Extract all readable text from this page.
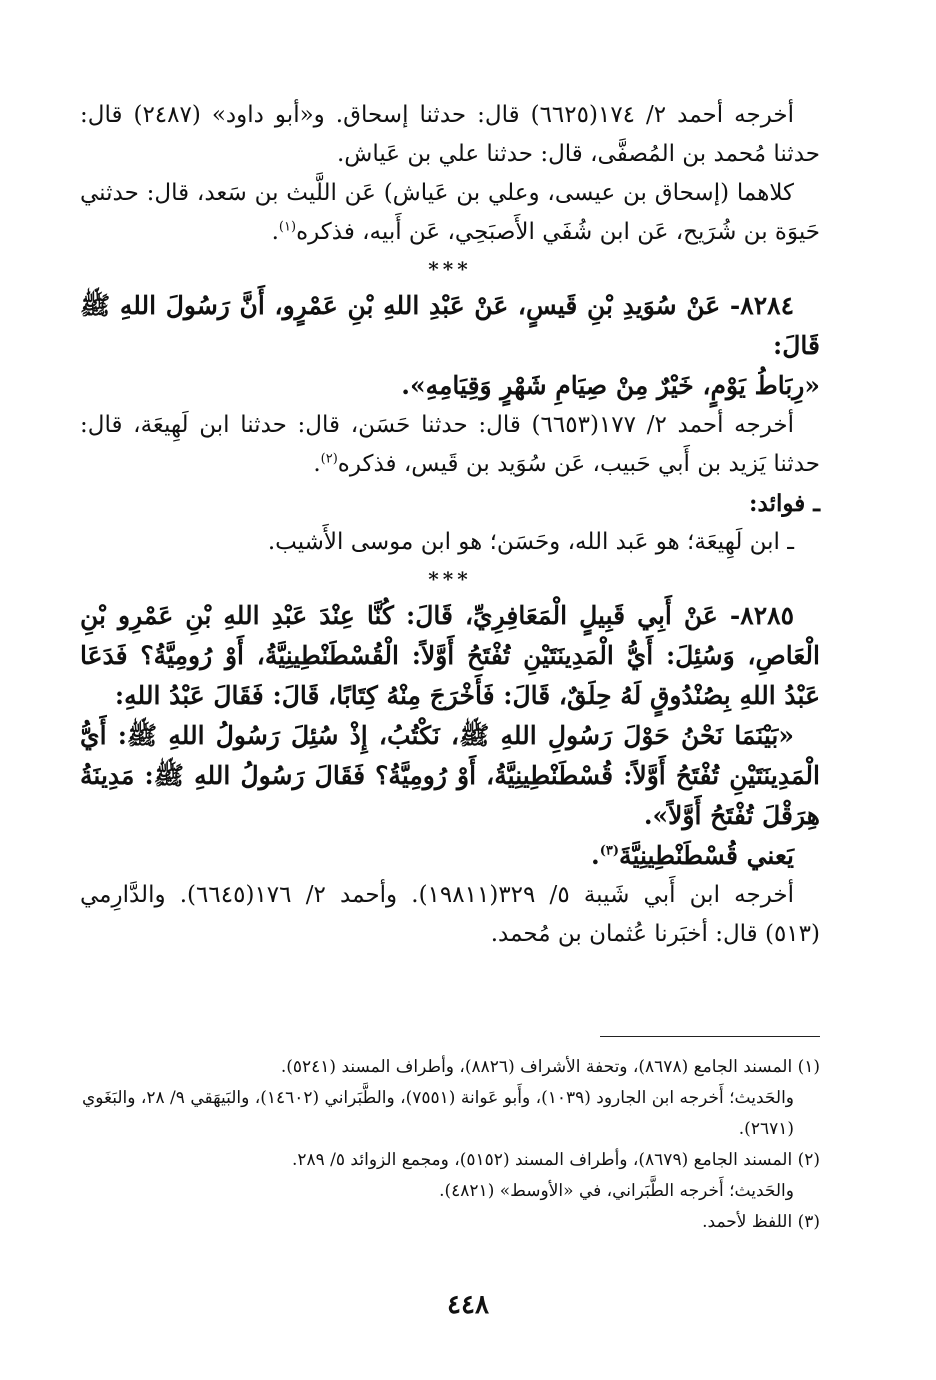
أخرجه أحمد ٢/ ١٧٤(٦٦٢٥) قال: حدثنا إسحاق. و«أبو داود» (٢٤٨٧) قال: حدثنا مُحمد بن المُصفَّى، قال: حدثنا علي بن عَياش.

كلاهما (إسحاق بن عيسى، وعلي بن عَياش) عَن اللَّيث بن سَعد، قال: حدثني حَيوَة بن شُرَيح، عَن ابن شُفَي الأَصبَحِي، عَن أَبيه، فذكره$^{(١)}$.

***

٨٢٨٤- عَنْ سُوَيدِ بْنِ قَيسٍ، عَنْ عَبْدِ اللهِ بْنِ عَمْرٍو، أَنَّ رَسُولَ اللهِ ﷺ قَالَ:

«رِبَاطُ يَوْمٍ، خَيْرٌ مِنْ صِيَامِ شَهْرٍ وَقِيَامِهِ».

أخرجه أحمد ٢/ ١٧٧(٦٦٥٣) قال: حدثنا حَسَن، قال: حدثنا ابن لَهِيعَة، قال: حدثنا يَزيد بن أَبي حَبيب، عَن سُوَيد بن قَيس، فذكره$^{(٢)}$.

ـ فوائد:

ـ ابن لَهِيعَة؛ هو عَبد الله، وحَسَن؛ هو ابن موسى الأَشيب.

***

٨٢٨٥- عَنْ أَبِي قَبِيلٍ الْمَعَافِرِيِّ، قَالَ: كُنَّا عِنْدَ عَبْدِ اللهِ بْنِ عَمْرِو بْنِ الْعَاصِ، وَسُئِلَ: أَيُّ الْمَدِينَتَيْنِ تُفْتَحُ أَوَّلاً: الْقُسْطَنْطِينِيَّةُ، أَوْ رُومِيَّةُ؟ فَدَعَا عَبْدُ اللهِ بِصُنْدُوقٍ لَهُ حِلَقٌ، قَالَ: فَأَخْرَجَ مِنْهُ كِتَابًا، قَالَ: فَقَالَ عَبْدُ اللهِ:

«بَيْنَمَا نَحْنُ حَوْلَ رَسُولِ اللهِ ﷺ، نَكْتُبُ، إِذْ سُئِلَ رَسُولُ اللهِ ﷺ: أَيُّ الْمَدِينَتَيْنِ تُفْتَحُ أَوَّلاً: قُسْطَنْطِينِيَّةُ، أَوْ رُومِيَّةُ؟ فَقَالَ رَسُولُ اللهِ ﷺ: مَدِينَةُ هِرَقْلَ تُفْتَحُ أَوَّلاً».

يَعني قُسْطَنْطِينِيَّةَ$^{(٣)}$.

أخرجه ابن أَبي شَيبة ٥/ ٣٢٩(١٩٨١١). وأحمد ٢/ ١٧٦(٦٦٤٥). والدَّارِمي (٥١٣) قال: أخبَرنا عُثمان بن مُحمد.

(١) المسند الجامع (٨٦٧٨)، وتحفة الأشراف (٨٨٢٦)، وأطراف المسند (٥٢٤١).

والحَديث؛ أَخرجه ابن الجارود (١٠٣٩)، وأَبو عَوانة (٧٥٥١)، والطَّبَراني (١٤٦٠٢)، والبَيهَقي ٩/ ٢٨، والبَغَوي (٢٦٧١).

(٢) المسند الجامع (٨٦٧٩)، وأطراف المسند (٥١٥٢)، ومجمع الزوائد ٥/ ٢٨٩.

والحَديث؛ أَخرجه الطَّبَراني، في «الأوسط» (٤٨٢١).

(٣) اللفظ لأحمد.

٤٤٨
